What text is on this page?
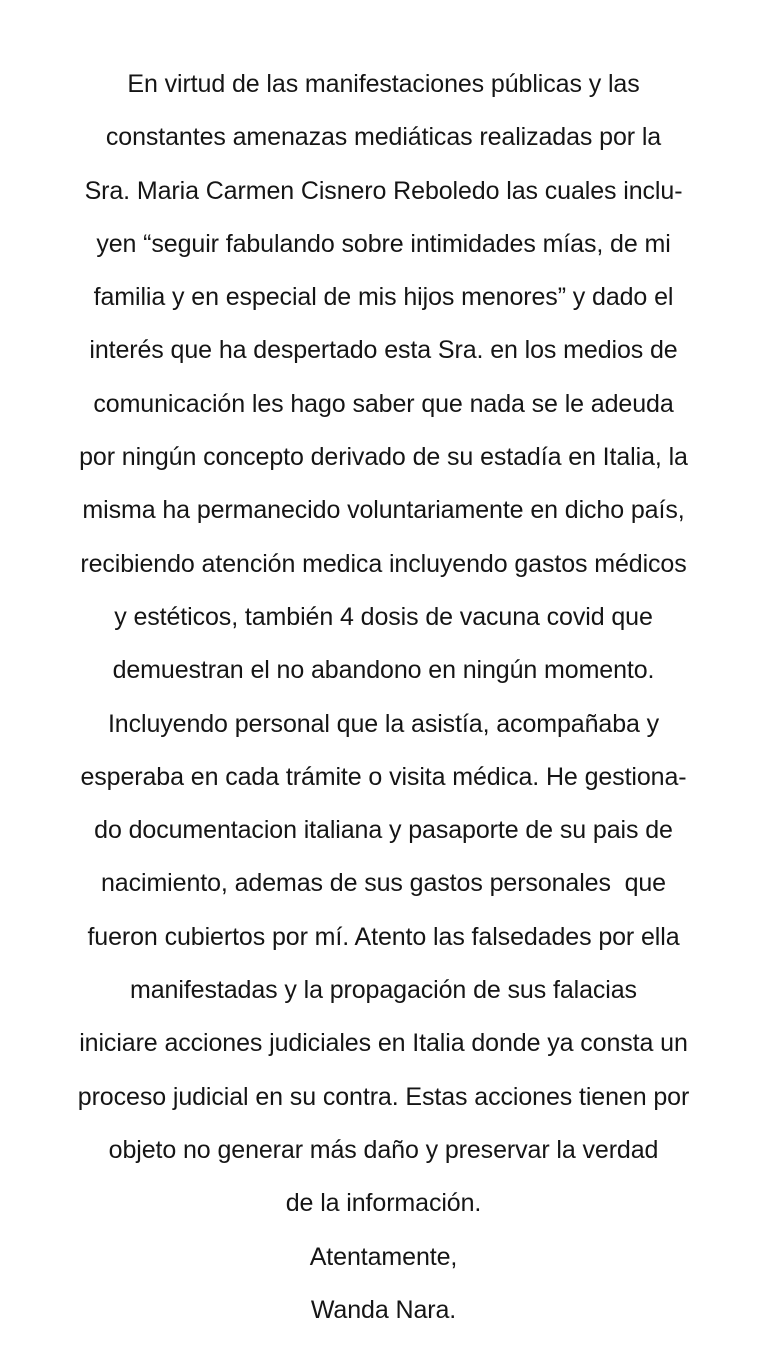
En virtud de las manifestaciones públicas y las
constantes amenazas mediáticas realizadas por la
Sra. Maria Carmen Cisnero Reboledo las cuales inclu-
yen “seguir fabulando sobre intimidades mías, de mi
familia y en especial de mis hijos menores” y dado el
interés que ha despertado esta Sra. en los medios de
comunicación les hago saber que nada se le adeuda
por ningún concepto derivado de su estadía en Italia, la
misma ha permanecido voluntariamente en dicho país,
recibiendo atención medica incluyendo gastos médicos
y estéticos, también 4 dosis de vacuna covid que
demuestran el no abandono en ningún momento.
Incluyendo personal que la asistía, acompañaba y
esperaba en cada trámite o visita médica. He gestiona-
do documentacion italiana y pasaporte de su pais de
nacimiento, ademas de sus gastos personales  que
fueron cubiertos por mí. Atento las falsedades por ella
manifestadas y la propagación de sus falacias
iniciare acciones judiciales en Italia donde ya consta un
proceso judicial en su contra. Estas acciones tienen por
objeto no generar más daño y preservar la verdad
de la información.
Atentamente,
Wanda Nara.
